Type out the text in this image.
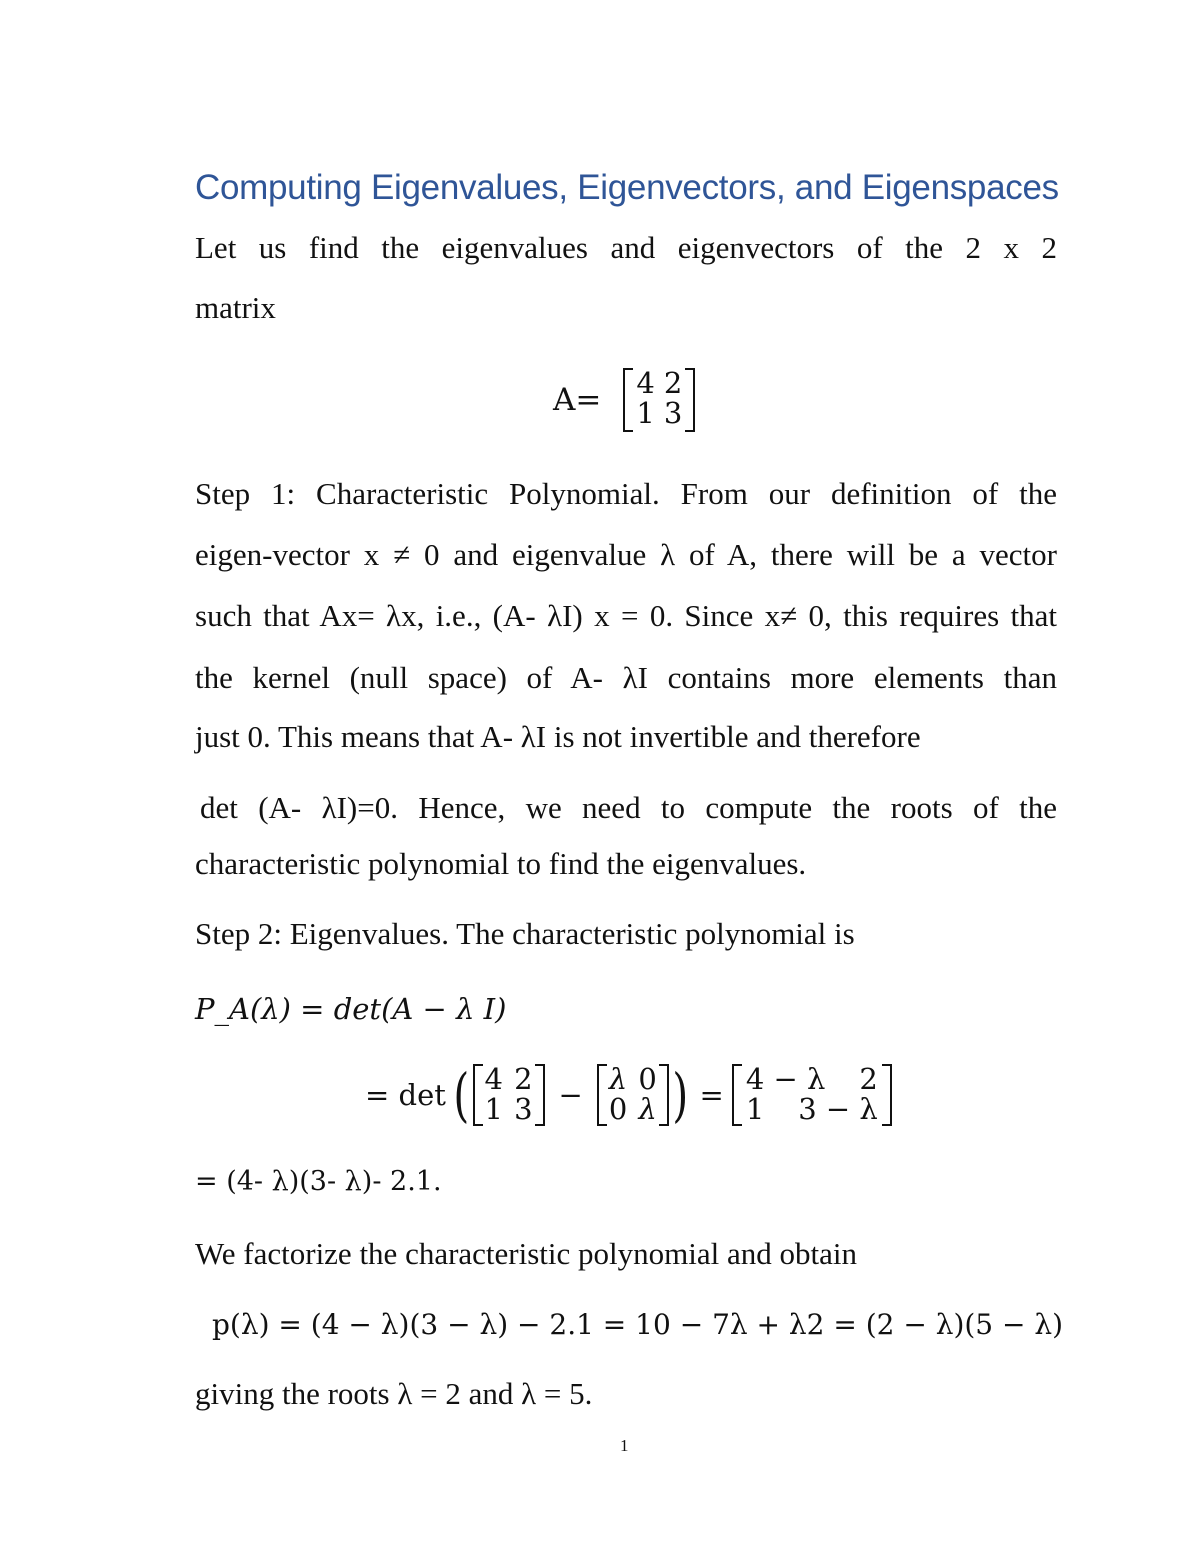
Computing Eigenvalues, Eigenvectors, and Eigenspaces
Let us find the eigenvalues and eigenvectors of the 2 x 2
matrix
A= 4 2
1 3
Step 1: Characteristic Polynomial. From our definition of the
eigen-vector x ≠ 0 and eigenvalue λ of A, there will be a vector
such that Ax= λx, i.e., (A- λI) x = 0. Since x≠ 0, this requires that
the kernel (null space) of A- λI contains more elements than
just 0. This means that A- λI is not invertible and therefore
det (A- λI)=0. Hence, we need to compute the roots of the
characteristic polynomial to find the eigenvalues.
Step 2: Eigenvalues. The characteristic polynomial is
P_A(λ) = det(A − λ I)
= det ( 4 2
1 3 − λ 0
0 λ ) = 4 − λ 2
1 3 − λ
= (4- λ)(3- λ)- 2.1.
We factorize the characteristic polynomial and obtain
p(λ) = (4 − λ)(3 − λ) − 2.1 = 10 − 7λ + λ2 = (2 − λ)(5 − λ)
giving the roots λ = 2 and λ = 5.
1
